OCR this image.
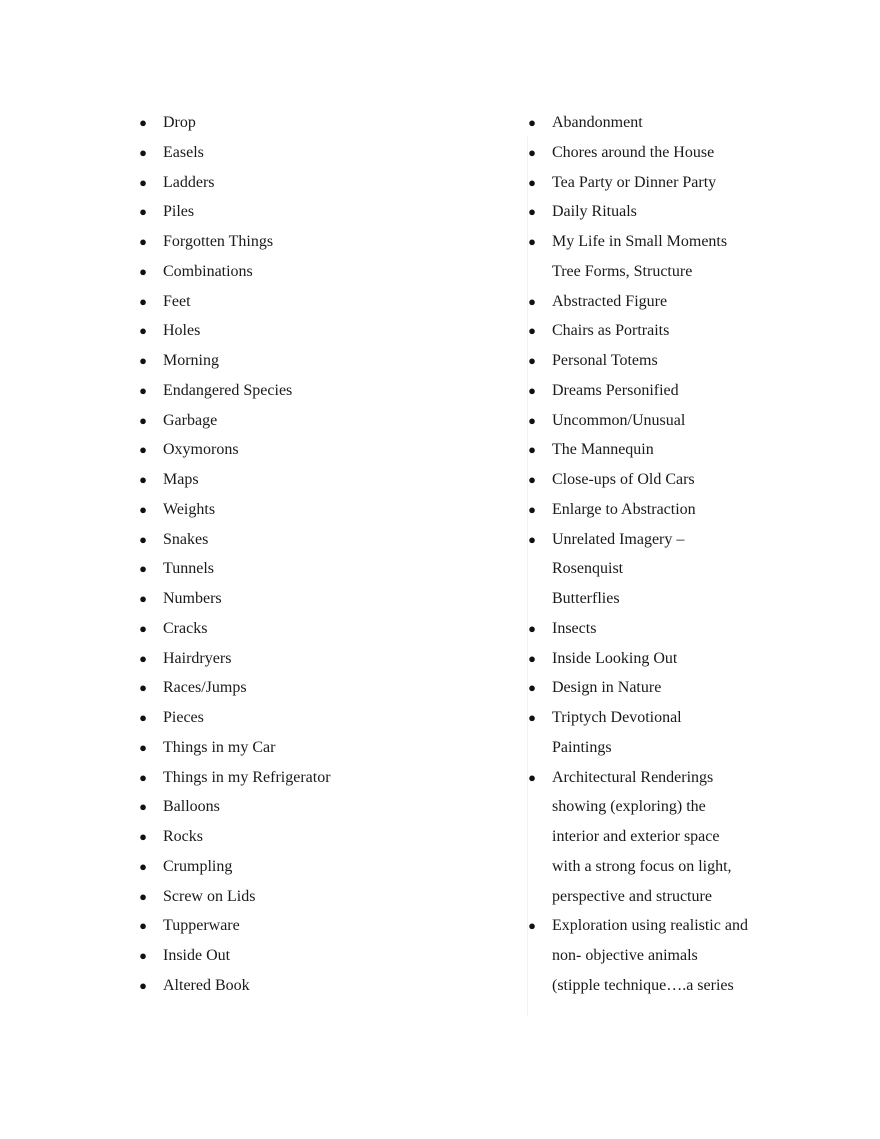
● Drop
● Easels
● Ladders
● Piles
● Forgotten Things
● Combinations
● Feet
● Holes
● Morning
● Endangered Species
● Garbage
● Oxymorons
● Maps
● Weights
● Snakes
● Tunnels
● Numbers
● Cracks
● Hairdryers
● Races/Jumps
● Pieces
● Things in my Car
● Things in my Refrigerator
● Balloons
● Rocks
● Crumpling
● Screw on Lids
● Tupperware
● Inside Out
● Altered Book
● Abandonment
● Chores around the House
● Tea Party or Dinner Party
● Daily Rituals
● My Life in Small Moments
Tree Forms, Structure
● Abstracted Figure
● Chairs as Portraits
● Personal Totems
● Dreams Personified
● Uncommon/Unusual
● The Mannequin
● Close-ups of Old Cars
● Enlarge to Abstraction
● Unrelated Imagery –
Rosenquist
Butterflies
● Insects
● Inside Looking Out
● Design in Nature
● Triptych Devotional
Paintings
● Architectural Renderings
showing (exploring) the
interior and exterior space
with a strong focus on light,
perspective and structure
● Exploration using realistic and
non- objective animals
(stipple technique….a series
